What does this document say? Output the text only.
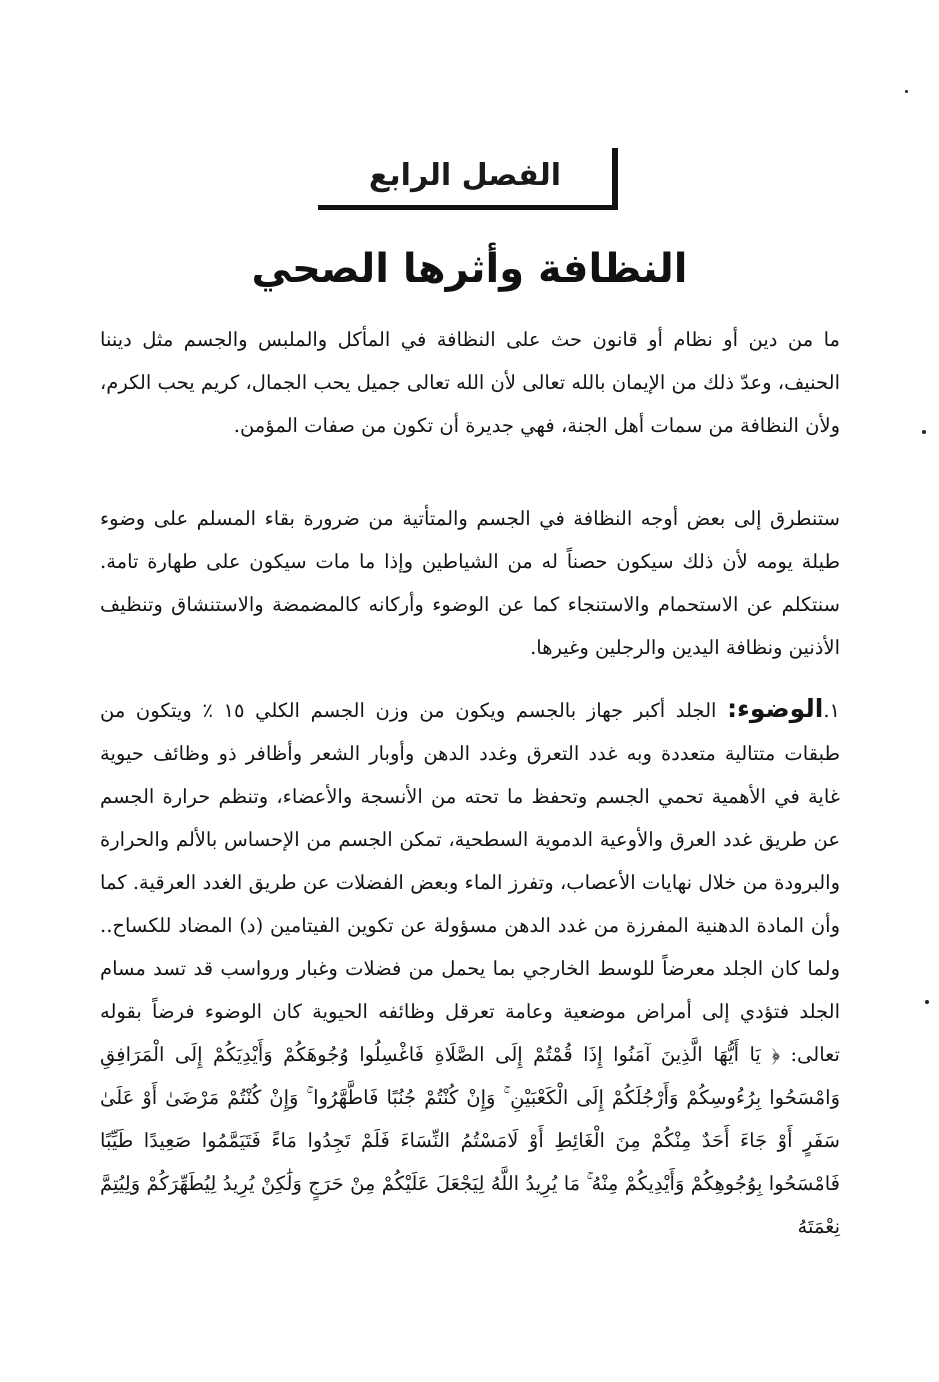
الفصل الرابع
النظافة وأثرها الصحي

ما من دين أو نظام أو قانون حث على النظافة في المأكل والملبس والجسم مثل ديننا الحنيف، وعدّ ذلك من الإيمان بالله تعالى لأن الله تعالى جميل يحب الجمال، كريم يحب الكرم، ولأن النظافة من سمات أهل الجنة، فهي جديرة أن تكون من صفات المؤمن.

ستنطرق إلى بعض أوجه النظافة في الجسم والمتأتية من ضرورة بقاء المسلم على وضوء طيلة يومه لأن ذلك سيكون حصناً له من الشياطين وإذا ما مات سيكون على طهارة تامة. سنتكلم عن الاستحمام والاستنجاء كما عن الوضوء وأركانه كالمضمضة والاستنشاق وتنظيف الأذنين ونظافة اليدين والرجلين وغيرها.

١.الوضوء: الجلد أكبر جهاز بالجسم ويكون من وزن الجسم الكلي ١٥ ٪ ويتكون من طبقات متتالية متعددة وبه غدد التعرق وغدد الدهن وأوبار الشعر وأظافر ذو وظائف حيوية غاية في الأهمية تحمي الجسم وتحفظ ما تحته من الأنسجة والأعضاء، وتنظم حرارة الجسم عن طريق غدد العرق والأوعية الدموية السطحية، تمكن الجسم من الإحساس بالألم والحرارة والبرودة من خلال نهايات الأعصاب، وتفرز الماء وبعض الفضلات عن طريق الغدد العرقية. كما وأن المادة الدهنية المفرزة من غدد الدهن مسؤولة عن تكوين الفيتامين (د) المضاد للكساح.. ولما كان الجلد معرضاً للوسط الخارجي بما يحمل من فضلات وغبار ورواسب قد تسد مسام الجلد فتؤدي إلى أمراض موضعية وعامة تعرقل وظائفه الحيوية كان الوضوء فرضاً بقوله تعالى: ﴿ يَا أَيُّهَا الَّذِينَ آمَنُوا إِذَا قُمْتُمْ إِلَى الصَّلَاةِ فَاغْسِلُوا وُجُوهَكُمْ وَأَيْدِيَكُمْ إِلَى الْمَرَافِقِ وَامْسَحُوا بِرُءُوسِكُمْ وَأَرْجُلَكُمْ إِلَى الْكَعْبَيْنِ ۚ وَإِنْ كُنْتُمْ جُنُبًا فَاطَّهَّرُوا ۚ وَإِنْ كُنْتُمْ مَرْضَىٰ أَوْ عَلَىٰ سَفَرٍ أَوْ جَاءَ أَحَدٌ مِنْكُمْ مِنَ الْغَائِطِ أَوْ لَامَسْتُمُ النِّسَاءَ فَلَمْ تَجِدُوا مَاءً فَتَيَمَّمُوا صَعِيدًا طَيِّبًا فَامْسَحُوا بِوُجُوهِكُمْ وَأَيْدِيكُمْ مِنْهُ ۚ مَا يُرِيدُ اللَّهُ لِيَجْعَلَ عَلَيْكُمْ مِنْ حَرَجٍ وَلَٰكِنْ يُرِيدُ لِيُطَهِّرَكُمْ وَلِيُتِمَّ نِعْمَتَهُ
